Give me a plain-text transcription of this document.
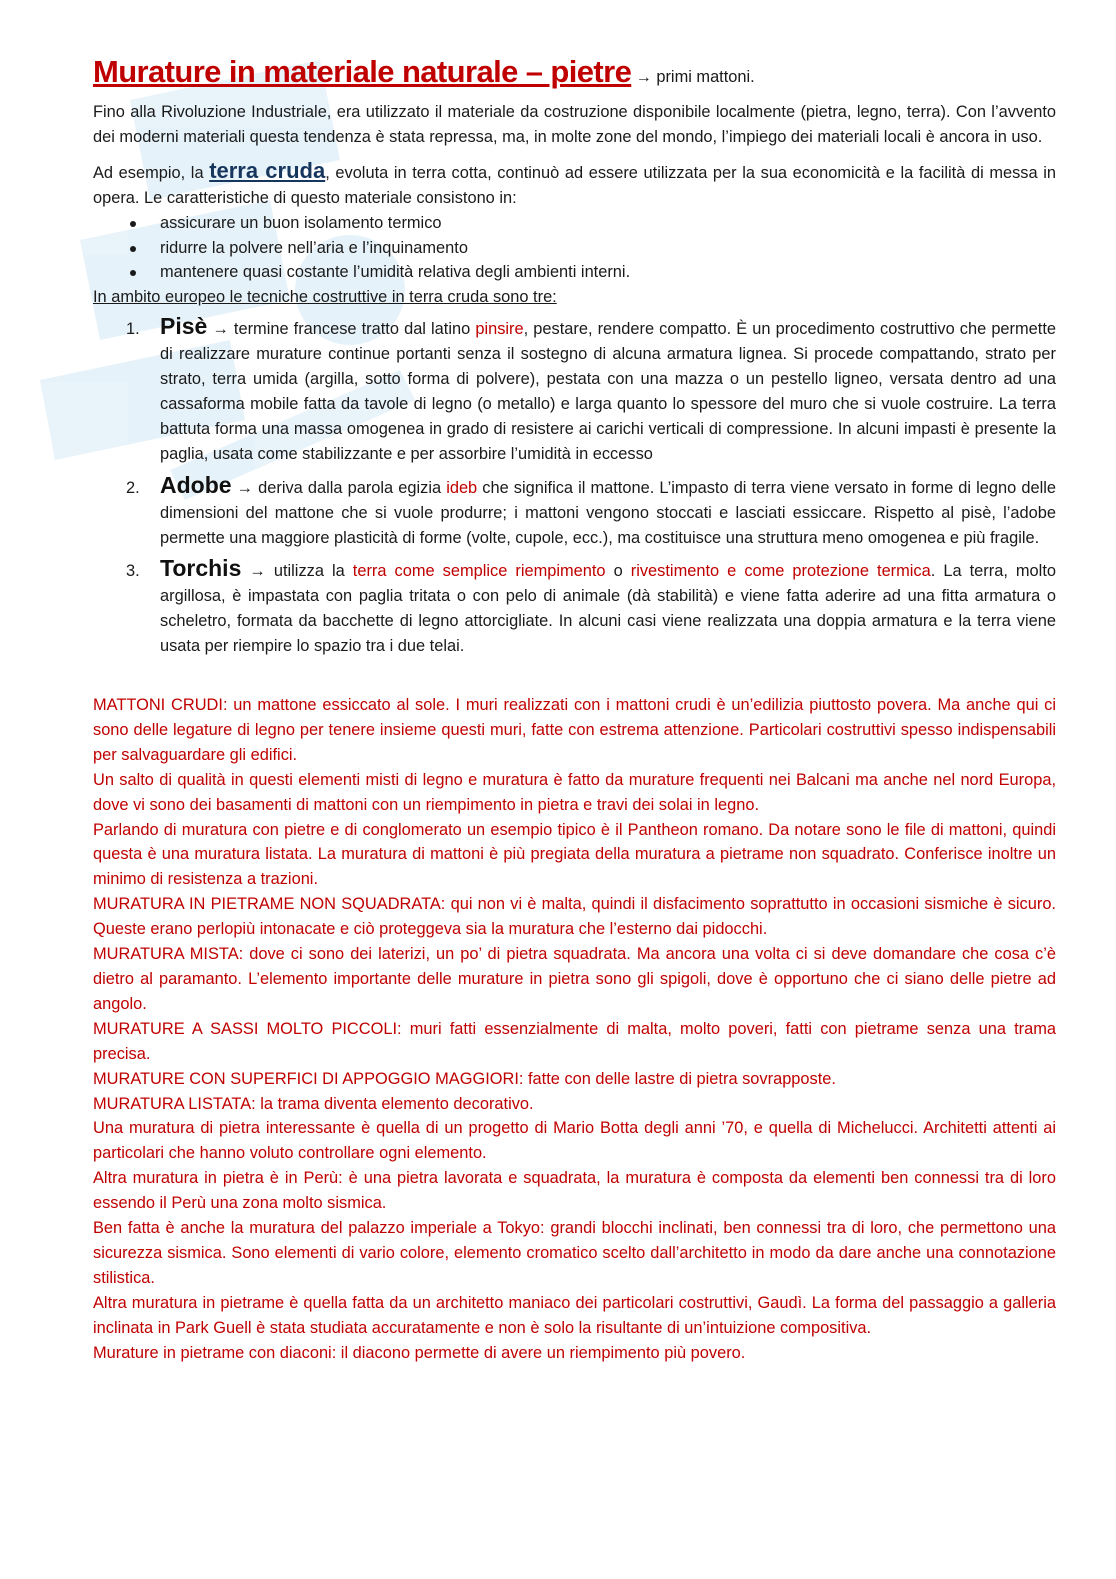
Murature in materiale naturale – pietre → primi mattoni.

Fino alla Rivoluzione Industriale, era utilizzato il materiale da costruzione disponibile localmente (pietra, legno, terra). Con l’avvento dei moderni materiali questa tendenza è stata repressa, ma, in molte zone del mondo, l’impiego dei materiali locali è ancora in uso.

Ad esempio, la terra cruda, evoluta in terra cotta, continuò ad essere utilizzata per la sua economicità e la facilità di messa in opera. Le caratteristiche di questo materiale consistono in:

assicurare un buon isolamento termico
ridurre la polvere nell’aria e l’inquinamento
mantenere quasi costante l’umidità relativa degli ambienti interni.

In ambito europeo le tecniche costruttive in terra cruda sono tre:

1. Pisè → termine francese tratto dal latino pinsire, pestare, rendere compatto. È un procedimento costruttivo che permette di realizzare murature continue portanti senza il sostegno di alcuna armatura lignea. Si procede compattando, strato per strato, terra umida (argilla, sotto forma di polvere), pestata con una mazza o un pestello ligneo, versata dentro ad una cassaforma mobile fatta da tavole di legno (o metallo) e larga quanto lo spessore del muro che si vuole costruire. La terra battuta forma una massa omogenea in grado di resistere ai carichi verticali di compressione. In alcuni impasti è presente la paglia, usata come stabilizzante e per assorbire l’umidità in eccesso
2. Adobe → deriva dalla parola egizia ideb che significa il mattone. L’impasto di terra viene versato in forme di legno delle dimensioni del mattone che si vuole produrre; i mattoni vengono stoccati e lasciati essiccare. Rispetto al pisè, l’adobe permette una maggiore plasticità di forme (volte, cupole, ecc.), ma costituisce una struttura meno omogenea e più fragile.
3. Torchis → utilizza la terra come semplice riempimento o rivestimento e come protezione termica. La terra, molto argillosa, è impastata con paglia tritata o con pelo di animale (dà stabilità) e viene fatta aderire ad una fitta armatura o scheletro, formata da bacchette di legno attorcigliate. In alcuni casi viene realizzata una doppia armatura e la terra viene usata per riempire lo spazio tra i due telai.

MATTONI CRUDI: un mattone essiccato al sole. I muri realizzati con i mattoni crudi è un’edilizia piuttosto povera. Ma anche qui ci sono delle legature di legno per tenere insieme questi muri, fatte con estrema attenzione. Particolari costruttivi spesso indispensabili per salvaguardare gli edifici.

Un salto di qualità in questi elementi misti di legno e muratura è fatto da murature frequenti nei Balcani ma anche nel nord Europa, dove vi sono dei basamenti di mattoni con un riempimento in pietra e travi dei solai in legno.

Parlando di muratura con pietre e di conglomerato un esempio tipico è il Pantheon romano. Da notare sono le file di mattoni, quindi questa è una muratura listata. La muratura di mattoni è più pregiata della muratura a pietrame non squadrato. Conferisce inoltre un minimo di resistenza a trazioni.

MURATURA IN PIETRAME NON SQUADRATA: qui non vi è malta, quindi il disfacimento soprattutto in occasioni sismiche è sicuro. Queste erano perlopiù intonacate e ciò proteggeva sia la muratura che l’esterno dai pidocchi.

MURATURA MISTA: dove ci sono dei laterizi, un po’ di pietra squadrata. Ma ancora una volta ci si deve domandare che cosa c’è dietro al paramanto. L’elemento importante delle murature in pietra sono gli spigoli, dove è opportuno che ci siano delle pietre ad angolo.

MURATURE A SASSI MOLTO PICCOLI: muri fatti essenzialmente di malta, molto poveri, fatti con pietrame senza una trama precisa.

MURATURE CON SUPERFICI DI APPOGGIO MAGGIORI: fatte con delle lastre di pietra sovrapposte.

MURATURA LISTATA: la trama diventa elemento decorativo.

Una muratura di pietra interessante è quella di un progetto di Mario Botta degli anni ’70, e quella di Michelucci. Architetti attenti ai particolari che hanno voluto controllare ogni elemento.

Altra muratura in pietra è in Perù: è una pietra lavorata e squadrata, la muratura è composta da elementi ben connessi tra di loro essendo il Perù una zona molto sismica.

Ben fatta è anche la muratura del palazzo imperiale a Tokyo: grandi blocchi inclinati, ben connessi tra di loro, che permettono una sicurezza sismica. Sono elementi di vario colore, elemento cromatico scelto dall’architetto in modo da dare anche una connotazione stilistica.

Altra muratura in pietrame è quella fatta da un architetto maniaco dei particolari costruttivi, Gaudì. La forma del passaggio a galleria inclinata in Park Guell è stata studiata accuratamente e non è solo la risultante di un’intuizione compositiva.

Murature in pietrame con diaconi: il diacono permette di avere un riempimento più povero.
